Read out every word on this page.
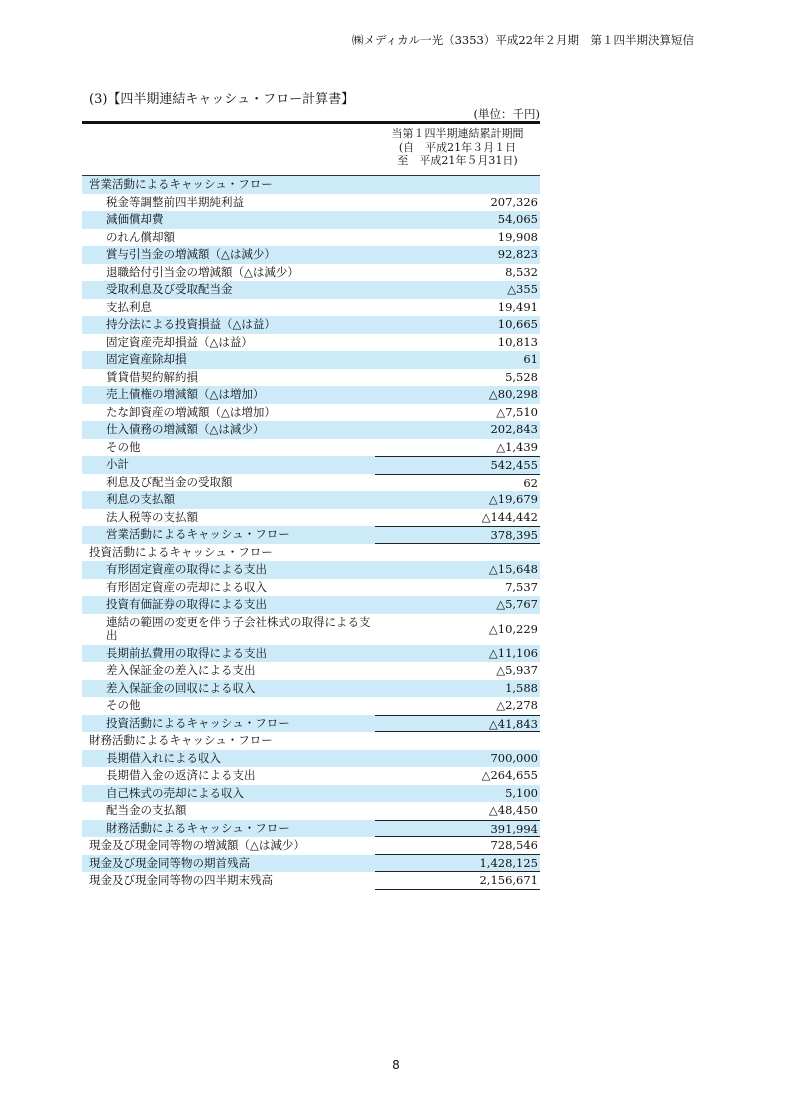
㈱メディカル一光（3353）平成22年２月期　第１四半期決算短信
(3)【四半期連結キャッシュ・フロー計算書】
(単位：千円)
当第１四半期連結累計期間
(自　平成21年３月１日
至　平成21年５月31日)
営業活動によるキャッシュ・フロー
税金等調整前四半期純利益	207,326
減価償却費	54,065
のれん償却額	19,908
賞与引当金の増減額（△は減少）	92,823
退職給付引当金の増減額（△は減少）	8,532
受取利息及び受取配当金	△355
支払利息	19,491
持分法による投資損益（△は益）	10,665
固定資産売却損益（△は益）	10,813
固定資産除却損	61
賃貸借契約解約損	5,528
売上債権の増減額（△は増加）	△80,298
たな卸資産の増減額（△は増加）	△7,510
仕入債務の増減額（△は減少）	202,843
その他	△1,439
小計	542,455
利息及び配当金の受取額	62
利息の支払額	△19,679
法人税等の支払額	△144,442
営業活動によるキャッシュ・フロー	378,395
投資活動によるキャッシュ・フロー
有形固定資産の取得による支出	△15,648
有形固定資産の売却による収入	7,537
投資有価証券の取得による支出	△5,767
連結の範囲の変更を伴う子会社株式の取得による支出	△10,229
長期前払費用の取得による支出	△11,106
差入保証金の差入による支出	△5,937
差入保証金の回収による収入	1,588
その他	△2,278
投資活動によるキャッシュ・フロー	△41,843
財務活動によるキャッシュ・フロー
長期借入れによる収入	700,000
長期借入金の返済による支出	△264,655
自己株式の売却による収入	5,100
配当金の支払額	△48,450
財務活動によるキャッシュ・フロー	391,994
現金及び現金同等物の増減額（△は減少）	728,546
現金及び現金同等物の期首残高	1,428,125
現金及び現金同等物の四半期末残高	2,156,671
8
